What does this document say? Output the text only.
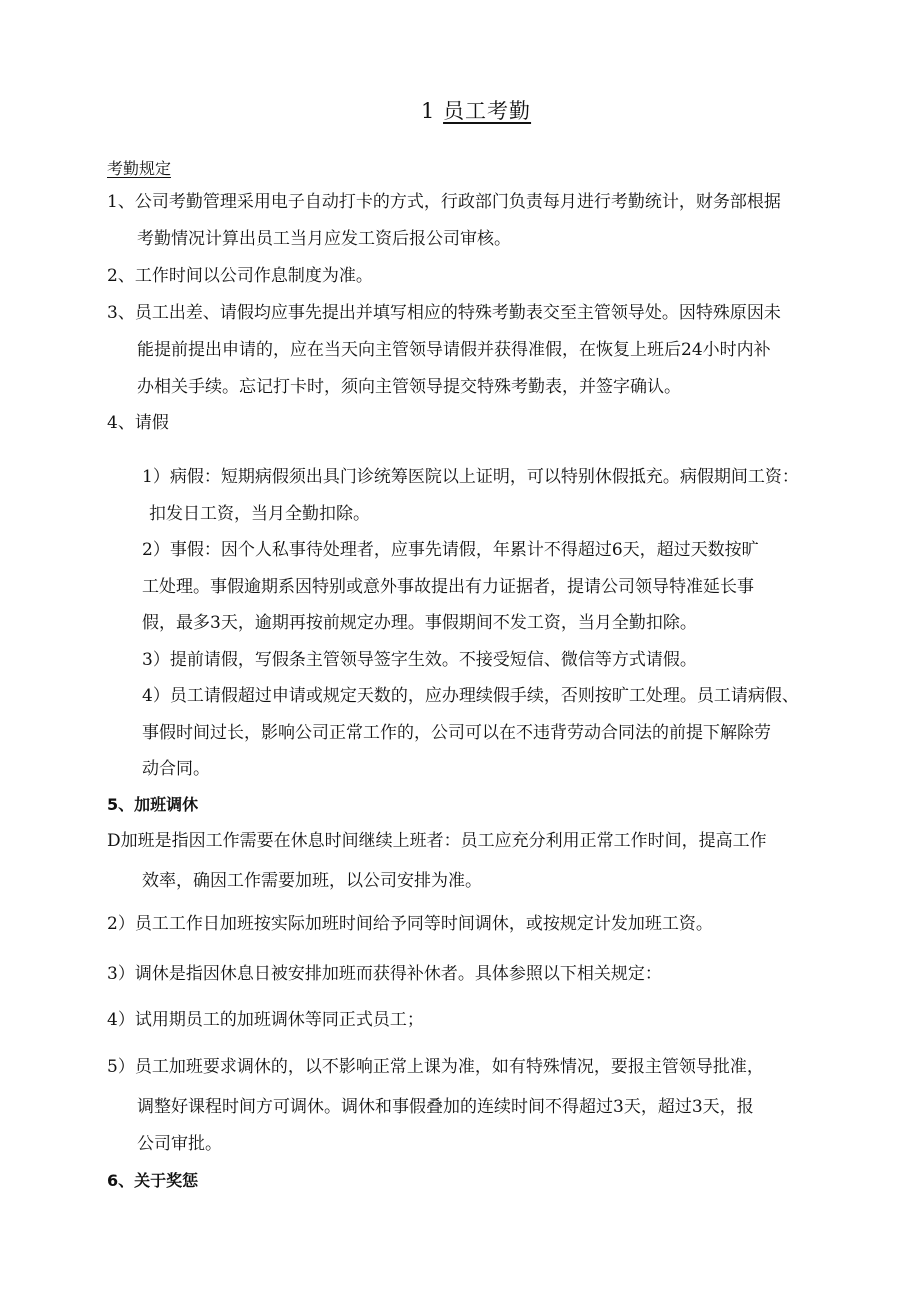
1 员工考勤
考勤规定
1、公司考勤管理采用电子自动打卡的方式，行政部门负责每月进行考勤统计，财务部根据
考勤情况计算出员工当月应发工资后报公司审核。
2、工作时间以公司作息制度为准。
3、员工出差、请假均应事先提出并填写相应的特殊考勤表交至主管领导处。因特殊原因未
能提前提出申请的，应在当天向主管领导请假并获得准假，在恢复上班后24小时内补
办相关手续。忘记打卡时，须向主管领导提交特殊考勤表，并签字确认。
4、请假
1）病假：短期病假须出具门诊统筹医院以上证明，可以特别休假抵充。病假期间工资：
扣发日工资，当月全勤扣除。
2）事假：因个人私事待处理者，应事先请假，年累计不得超过6天，超过天数按旷
工处理。事假逾期系因特别或意外事故提出有力证据者，提请公司领导特准延长事
假，最多3天，逾期再按前规定办理。事假期间不发工资，当月全勤扣除。
3）提前请假，写假条主管领导签字生效。不接受短信、微信等方式请假。
4）员工请假超过申请或规定天数的，应办理续假手续，否则按旷工处理。员工请病假、
事假时间过长，影响公司正常工作的，公司可以在不违背劳动合同法的前提下解除劳
动合同。
5、加班调休
D加班是指因工作需要在休息时间继续上班者：员工应充分利用正常工作时间，提高工作
效率，确因工作需要加班，以公司安排为准。
2）员工工作日加班按实际加班时间给予同等时间调休，或按规定计发加班工资。
3）调休是指因休息日被安排加班而获得补休者。具体参照以下相关规定：
4）试用期员工的加班调休等同正式员工；
5）员工加班要求调休的，以不影响正常上课为准，如有特殊情况，要报主管领导批准，
调整好课程时间方可调休。调休和事假叠加的连续时间不得超过3天，超过3天，报
公司审批。
6、关于奖惩
